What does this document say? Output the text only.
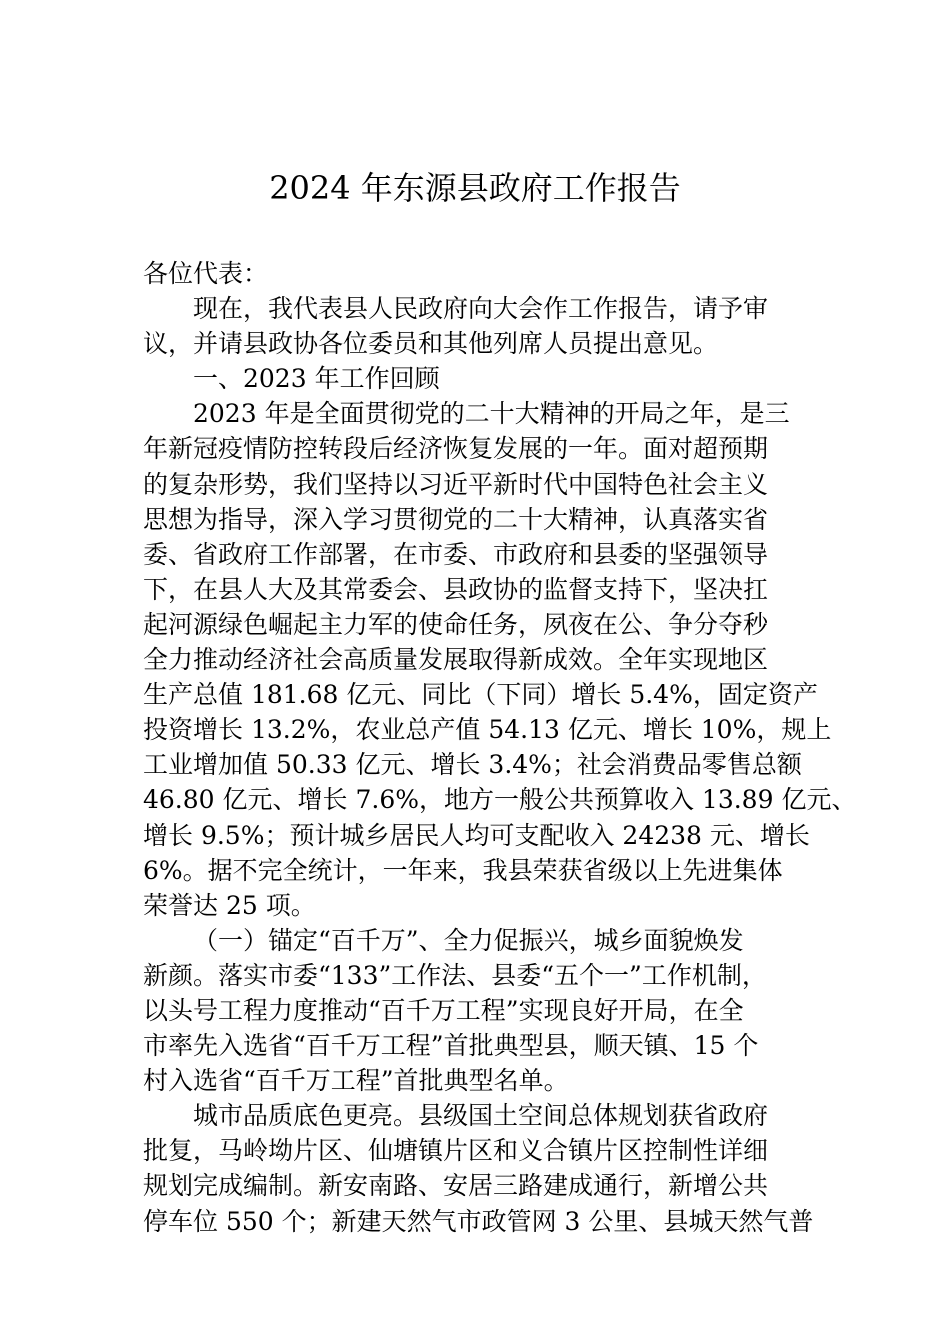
2024 年东源县政府工作报告
各位代表：
现在，我代表县人民政府向大会作工作报告，请予审
议，并请县政协各位委员和其他列席人员提出意见。
一、2023 年工作回顾
2023 年是全面贯彻党的二十大精神的开局之年，是三
年新冠疫情防控转段后经济恢复发展的一年。面对超预期
的复杂形势，我们坚持以习近平新时代中国特色社会主义
思想为指导，深入学习贯彻党的二十大精神，认真落实省
委、省政府工作部署，在市委、市政府和县委的坚强领导
下，在县人大及其常委会、县政协的监督支持下，坚决扛
起河源绿色崛起主力军的使命任务，夙夜在公、争分夺秒
全力推动经济社会高质量发展取得新成效。全年实现地区
生产总值 181.68 亿元、同比（下同）增长 5.4%，固定资产
投资增长 13.2%，农业总产值 54.13 亿元、增长 10%，规上
工业增加值 50.33 亿元、增长 3.4%；社会消费品零售总额
46.80 亿元、增长 7.6%，地方一般公共预算收入 13.89 亿元、
增长 9.5%；预计城乡居民人均可支配收入 24238 元、增长
6%。据不完全统计，一年来，我县荣获省级以上先进集体
荣誉达 25 项。
（一）锚定“百千万”、全力促振兴，城乡面貌焕发
新颜。落实市委“133”工作法、县委“五个一”工作机制，
以头号工程力度推动“百千万工程”实现良好开局，在全
市率先入选省“百千万工程”首批典型县，顺天镇、15 个
村入选省“百千万工程”首批典型名单。
城市品质底色更亮。县级国土空间总体规划获省政府
批复，马岭坳片区、仙塘镇片区和义合镇片区控制性详细
规划完成编制。新安南路、安居三路建成通行，新增公共
停车位 550 个；新建天然气市政管网 3 公里、县城天然气普
